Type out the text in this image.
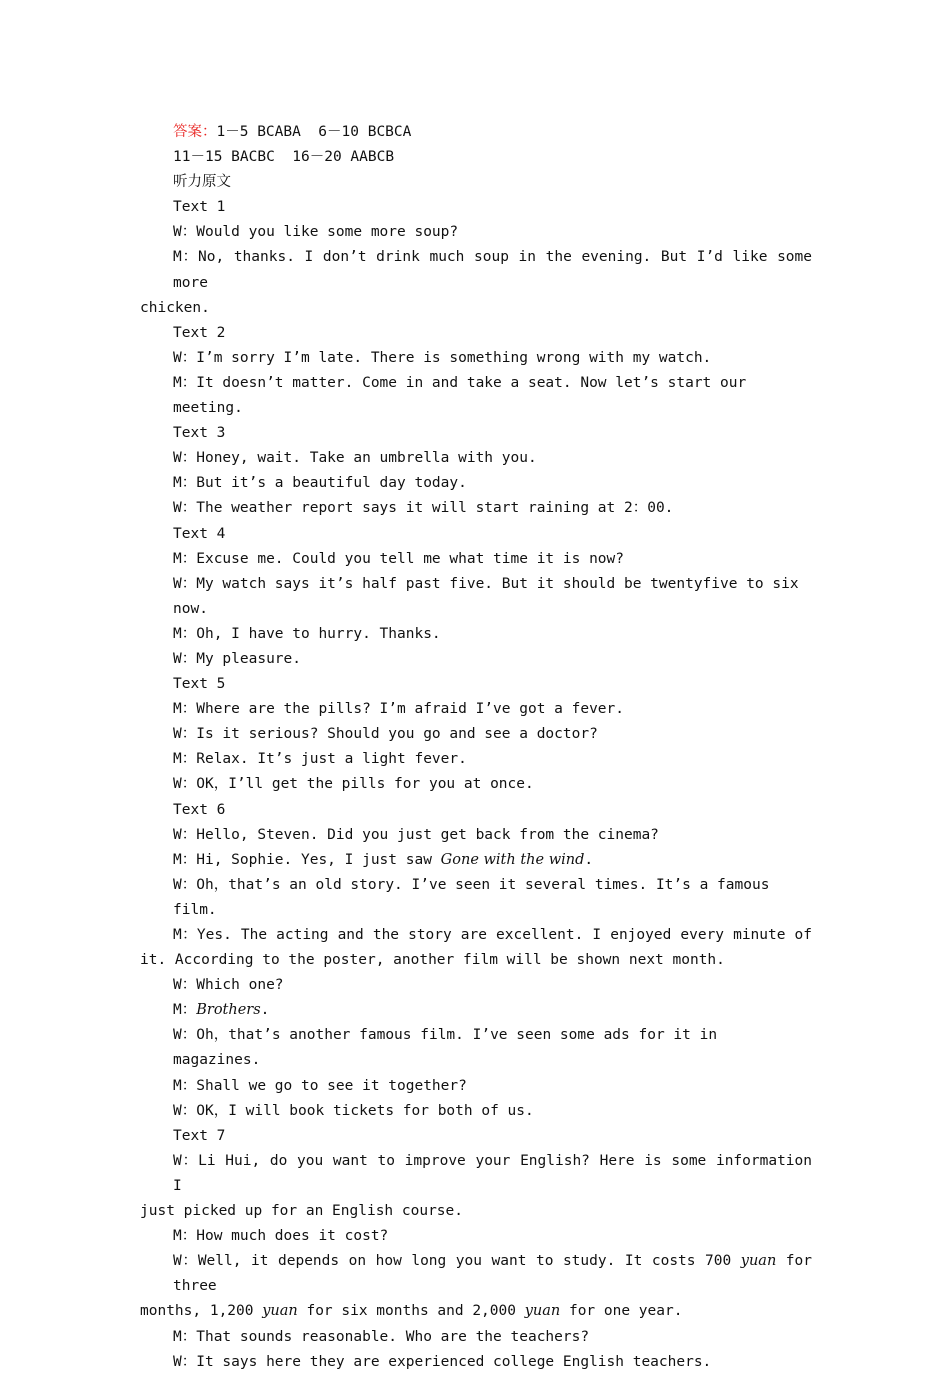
答案：1－5 BCABA  6－10 BCBCA
11－15 BACBC  16－20 AABCB
听力原文
Text 1
W：Would you like some more soup?
M：No, thanks. I don’t drink much soup in the evening. But I’d like some more
chicken.
Text 2
W：I’m sorry I’m late. There is something wrong with my watch.
M：It doesn’t matter. Come in and take a seat. Now let’s start our meeting.
Text 3
W：Honey, wait. Take an umbrella with you.
M：But it’s a beautiful day today.
W：The weather report says it will start raining at 2：00.
Text 4
M：Excuse me. Could you tell me what time it is now?
W：My watch says it’s half past five. But it should be twentyfive to six now.
M：Oh, I have to hurry. Thanks.
W：My pleasure.
Text 5
M：Where are the pills? I’m afraid I’ve got a fever.
W：Is it serious? Should you go and see a doctor?
M：Relax. It’s just a light fever.
W：OK，I’ll get the pills for you at once.
Text 6
W：Hello, Steven. Did you just get back from the cinema?
M：Hi, Sophie. Yes, I just saw Gone with the wind.
W：Oh，that’s an old story. I’ve seen it several times. It’s a famous film.
M：Yes. The acting and the story are excellent. I enjoyed every minute of
it. According to the poster, another film will be shown next month.
W：Which one?
M：Brothers.
W：Oh，that’s another famous film. I’ve seen some ads for it in magazines.
M：Shall we go to see it together?
W：OK，I will book tickets for both of us.
Text 7
W：Li Hui, do you want to improve your English? Here is some information I
just picked up for an English course.
M：How much does it cost?
W：Well, it depends on how long you want to study. It costs 700 yuan for three
months, 1,200 yuan for six months and 2,000 yuan for one year.
M：That sounds reasonable. Who are the teachers?
W：It says here they are experienced college English teachers.
